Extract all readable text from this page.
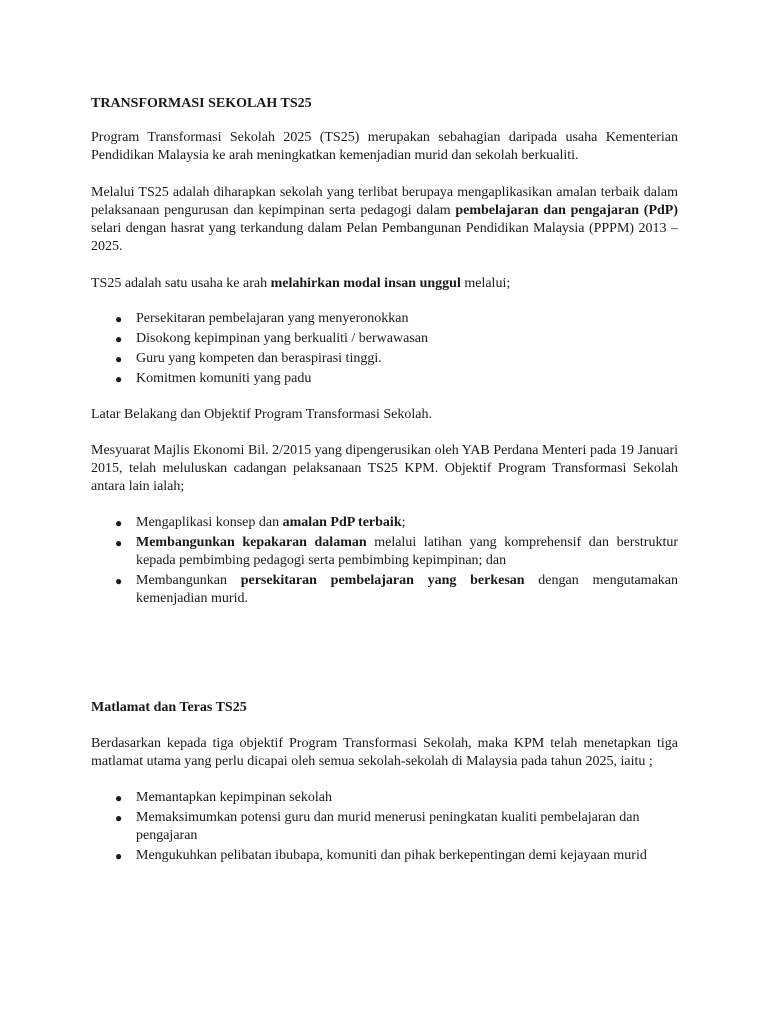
TRANSFORMASI SEKOLAH TS25

Program Transformasi Sekolah 2025 (TS25) merupakan sebahagian daripada usaha Kementerian Pendidikan Malaysia ke arah meningkatkan kemenjadian murid dan sekolah berkualiti.

Melalui TS25 adalah diharapkan sekolah yang terlibat berupaya mengaplikasikan amalan terbaik dalam pelaksanaan pengurusan dan kepimpinan serta pedagogi dalam pembelajaran dan pengajaran (PdP) selari dengan hasrat yang terkandung dalam Pelan Pembangunan Pendidikan Malaysia (PPPM) 2013 – 2025.

TS25 adalah satu usaha ke arah melahirkan modal insan unggul melalui;

● Persekitaran pembelajaran yang menyeronokkan
● Disokong kepimpinan yang berkualiti / berwawasan
● Guru yang kompeten dan beraspirasi tinggi.
● Komitmen komuniti yang padu

Latar Belakang dan Objektif Program Transformasi Sekolah.

Mesyuarat Majlis Ekonomi Bil. 2/2015 yang dipengerusikan oleh YAB Perdana Menteri pada 19 Januari 2015, telah meluluskan cadangan pelaksanaan TS25 KPM. Objektif Program Transformasi Sekolah antara lain ialah;

● Mengaplikasi konsep dan amalan PdP terbaik;
● Membangunkan kepakaran dalaman melalui latihan yang komprehensif dan berstruktur kepada pembimbing pedagogi serta pembimbing kepimpinan; dan
● Membangunkan persekitaran pembelajaran yang berkesan dengan mengutamakan kemenjadian murid.

Matlamat dan Teras TS25

Berdasarkan kepada tiga objektif Program Transformasi Sekolah, maka KPM telah menetapkan tiga matlamat utama yang perlu dicapai oleh semua sekolah-sekolah di Malaysia pada tahun 2025, iaitu ;

● Memantapkan kepimpinan sekolah
● Memaksimumkan potensi guru dan murid menerusi peningkatan kualiti pembelajaran dan pengajaran
● Mengukuhkan pelibatan ibubapa, komuniti dan pihak berkepentingan demi kejayaan murid
